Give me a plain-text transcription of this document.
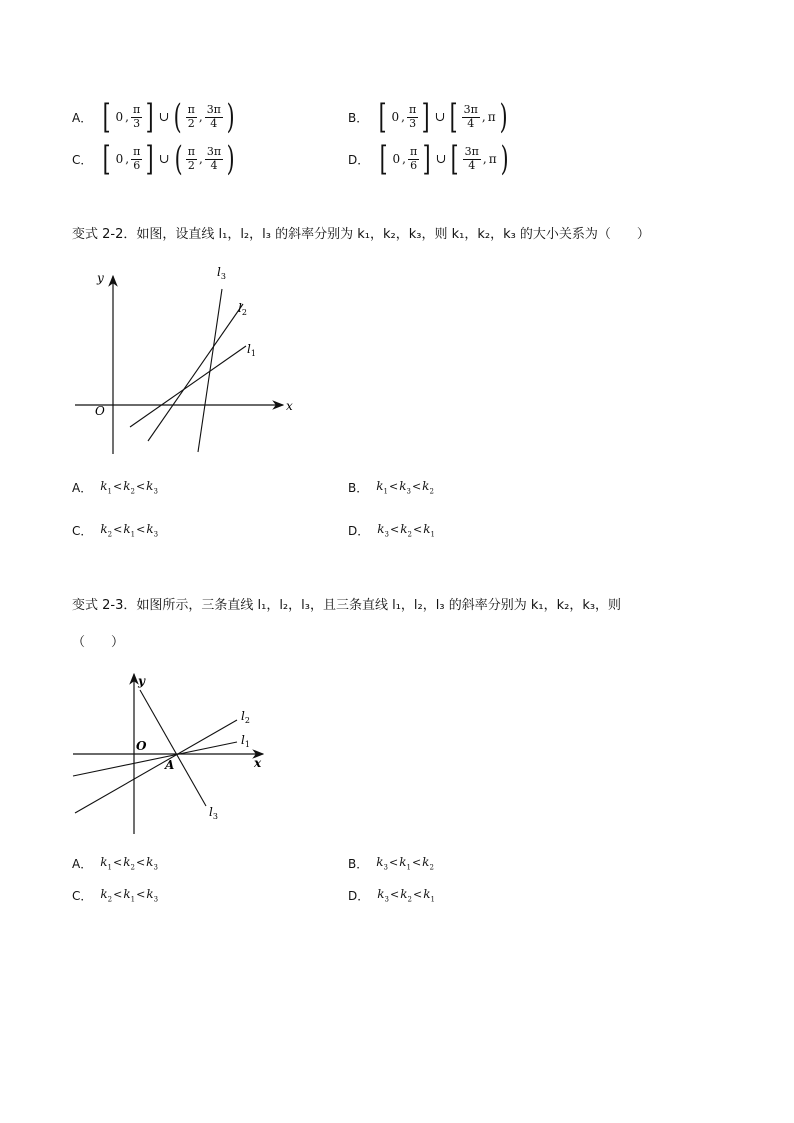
A． [ 0 , $\frac{\pi}{3}$ ] ∪ ( $\frac{\pi}{2}$ , $\frac{3\pi}{4}$ )	B． [ 0 , $\frac{\pi}{3}$ ] ∪ [ $\frac{3\pi}{4}$ , π )
C． [ 0 , $\frac{\pi}{6}$ ] ∪ ( $\frac{\pi}{2}$ , $\frac{3\pi}{4}$ )	D． [ 0 , $\frac{\pi}{6}$ ] ∪ [ $\frac{3\pi}{4}$ , π )
变式 2-2．如图，设直线 l₁，l₂，l₃ 的斜率分别为 k₁，k₂，k₃，则 k₁，k₂，k₃ 的大小关系为（　　）
y
x
O
$l_1$
$l_2$
$l_3$
A． $k_1<k_2<k_3$	B． $k_1<k_3<k_2$
C． $k_2<k_1<k_3$	D． $k_3<k_2<k_1$
变式 2-3．如图所示，三条直线 l₁，l₂，l₃，且三条直线 l₁，l₂，l₃ 的斜率分别为 k₁，k₂，k₃，则
（　　）
y
x
O
A
$l_1$
$l_2$
$l_3$
A． $k_1<k_2<k_3$	B． $k_3<k_1<k_2$
C． $k_2<k_1<k_3$	D． $k_3<k_2<k_1$
